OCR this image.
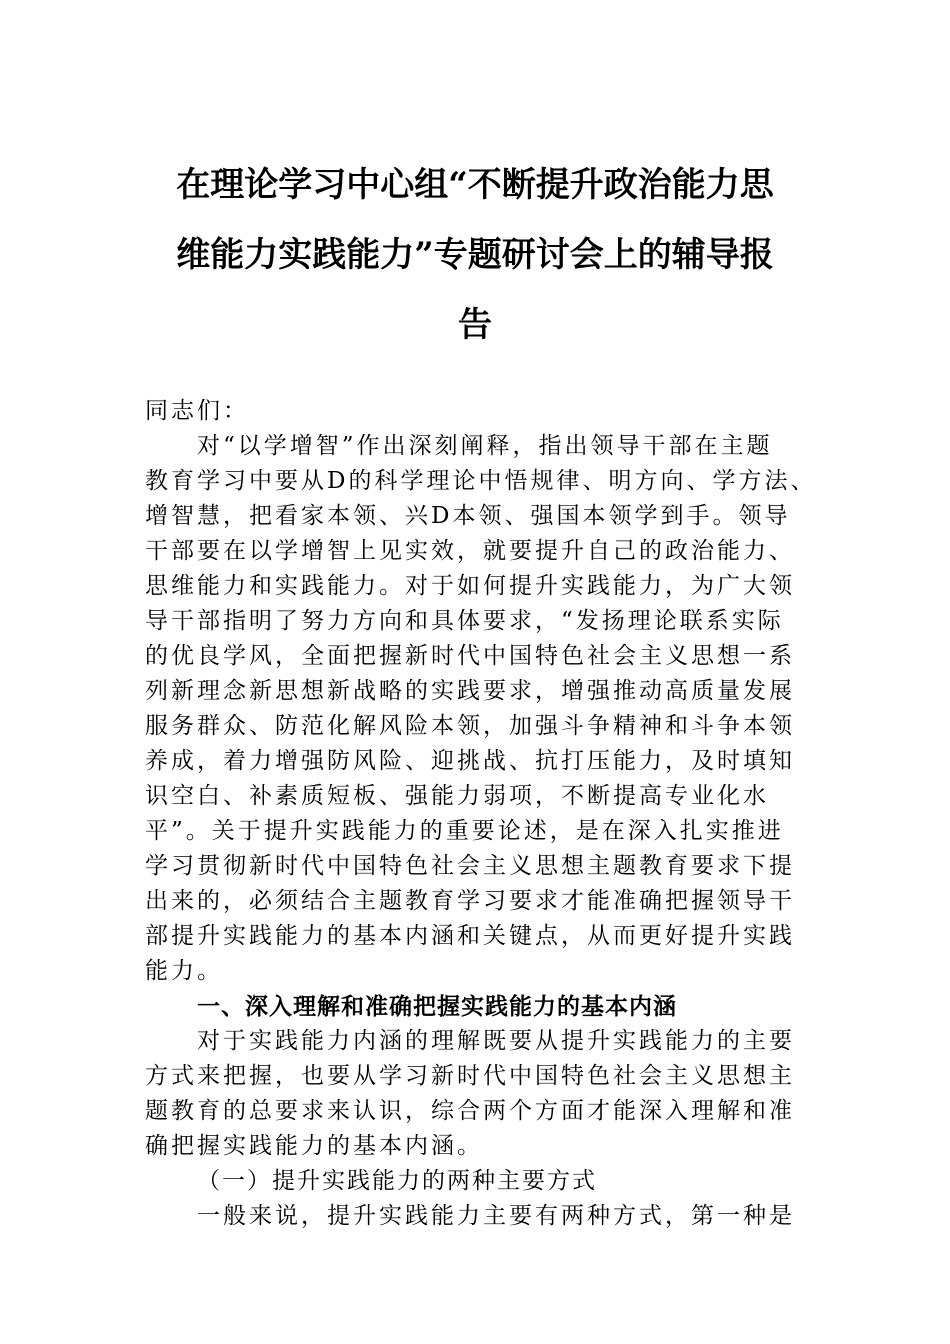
在理论学习中心组“不断提升政治能力思
维能力实践能力”专题研讨会上的辅导报
告
同志们：
对“以学增智”作出深刻阐释，指出领导干部在主题
教育学习中要从D的科学理论中悟规律、明方向、学方法、
增智慧，把看家本领、兴D本领、强国本领学到手。领导
干部要在以学增智上见实效，就要提升自己的政治能力、
思维能力和实践能力。对于如何提升实践能力，为广大领
导干部指明了努力方向和具体要求，“发扬理论联系实际
的优良学风，全面把握新时代中国特色社会主义思想一系
列新理念新思想新战略的实践要求，增强推动高质量发展
服务群众、防范化解风险本领，加强斗争精神和斗争本领
养成，着力增强防风险、迎挑战、抗打压能力，及时填知
识空白、补素质短板、强能力弱项，不断提高专业化水
平”。关于提升实践能力的重要论述，是在深入扎实推进
学习贯彻新时代中国特色社会主义思想主题教育要求下提
出来的，必须结合主题教育学习要求才能准确把握领导干
部提升实践能力的基本内涵和关键点，从而更好提升实践
能力。
一、深入理解和准确把握实践能力的基本内涵
对于实践能力内涵的理解既要从提升实践能力的主要
方式来把握，也要从学习新时代中国特色社会主义思想主
题教育的总要求来认识，综合两个方面才能深入理解和准
确把握实践能力的基本内涵。
（一）提升实践能力的两种主要方式
一般来说，提升实践能力主要有两种方式，第一种是
